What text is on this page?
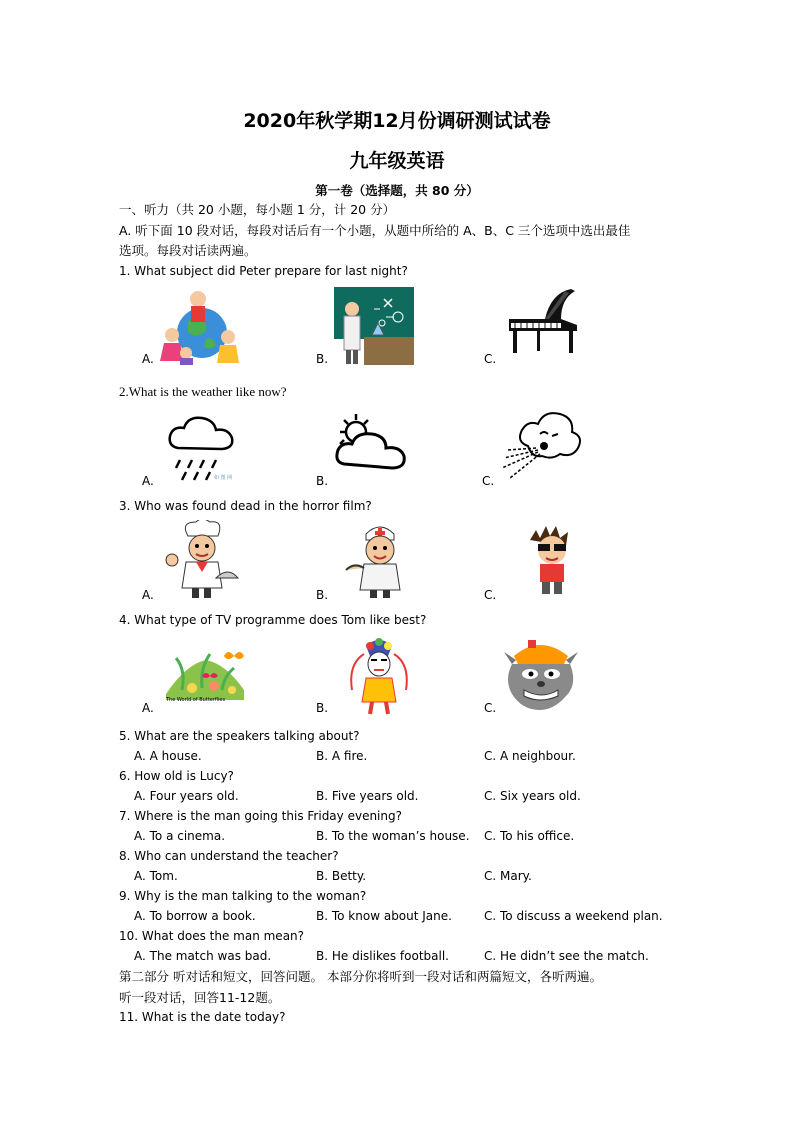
2020年秋学期12月份调研测试试卷
九年级英语
第一卷（选择题，共 80 分）
一、听力（共 20 小题，每小题 1 分，计 20 分）
A. 听下面 10 段对话，每段对话后有一个小题，从题中所给的 A、B、C 三个选项中选出最佳
选项。每段对话读两遍。
1. What subject did Peter prepare for last night?
A.	B.	C.
2.What is the weather like now?
如 图 网
A.	B.	C.
3. Who was found dead in the horror film?
A.	B.	C.
4. What type of TV programme does Tom like best?
The World of Butterflies
A.	B.	C.
5. What are the speakers talking about?
A. A house.	B. A fire.	C. A neighbour.
6. How old is Lucy?
A. Four years old.	B. Five years old.	C. Six years old.
7. Where is the man going this Friday evening?
A. To a cinema.	B. To the woman’s house. C. To his office.
8. Who can understand the teacher?
A. Tom.	B. Betty.	C. Mary.
9. Why is the man talking to the woman?
A. To borrow a book.	B. To know about Jane.	C. To discuss a weekend plan.
10. What does the man mean?
A. The match was bad.	B. He dislikes football.	C. He didn’t see the match.
第二部分 听对话和短文，回答问题。 本部分你将听到一段对话和两篇短文，各听两遍。
听一段对话，回答11-12题。
11. What is the date today?
